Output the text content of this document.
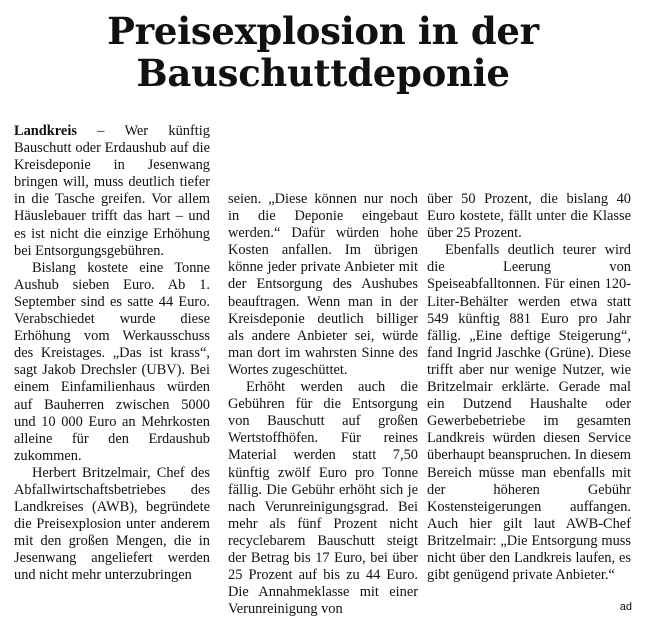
Preisexplosion in der
Bauschuttdeponie

Landkreis – Wer künftig Bauschutt oder Erdaushub auf die Kreisdeponie in Jesenwang bringen will, muss deutlich tiefer in die Tasche greifen. Vor allem Häuslebauer trifft das hart – und es ist nicht die einzige Erhöhung bei Entsorgungsgebühren.

Bislang kostete eine Tonne Aushub sieben Euro. Ab 1. September sind es satte 44 Euro. Verabschiedet wurde diese Erhöhung vom Werkausschuss des Kreistages. „Das ist krass“, sagt Jakob Drechsler (UBV). Bei einem Einfamilienhaus würden auf Bauherren zwischen 5000 und 10 000 Euro an Mehrkosten alleine für den Erdaushub zukommen.

Herbert Britzelmair, Chef des Abfallwirtschaftsbetriebes des Landkreises (AWB), begründete die Preisexplosion unter anderem mit den großen Mengen, die in Jesenwang angeliefert werden und nicht mehr unterzubringen

seien. „Diese können nur noch in die Deponie eingebaut werden.“ Dafür würden hohe Kosten anfallen. Im übrigen könne jeder private Anbieter mit der Entsorgung des Aushubes beauftragen. Wenn man in der Kreisdeponie deutlich billiger als andere Anbieter sei, würde man dort im wahrsten Sinne des Wortes zugeschüttet.

Erhöht werden auch die Gebühren für die Entsorgung von Bauschutt auf großen Wertstoffhöfen. Für reines Material werden statt 7,50 künftig zwölf Euro pro Tonne fällig. Die Gebühr erhöht sich je nach Verunreinigungsgrad. Bei mehr als fünf Prozent nicht recyclebarem Bauschutt steigt der Betrag bis 17 Euro, bei über 25 Prozent auf bis zu 44 Euro. Die Annahmeklasse mit einer Verunreinigung von

über 50 Prozent, die bislang 40 Euro kostete, fällt unter die Klasse über 25 Prozent.

Ebenfalls deutlich teurer wird die Leerung von Speiseabfalltonnen. Für einen 120-Liter-Behälter werden etwa statt 549 künftig 881 Euro pro Jahr fällig. „Eine deftige Steigerung“, fand Ingrid Jaschke (Grüne). Diese trifft aber nur wenige Nutzer, wie Britzelmair erklärte. Gerade mal ein Dutzend Haushalte oder Gewerbebetriebe im gesamten Landkreis würden diesen Service überhaupt beanspruchen. In diesem Bereich müsse man ebenfalls mit der höheren Gebühr Kostensteigerungen auffangen. Auch hier gilt laut AWB-Chef Britzelmair: „Die Entsorgung muss nicht über den Landkreis laufen, es gibt genügend private Anbieter.“

ad
